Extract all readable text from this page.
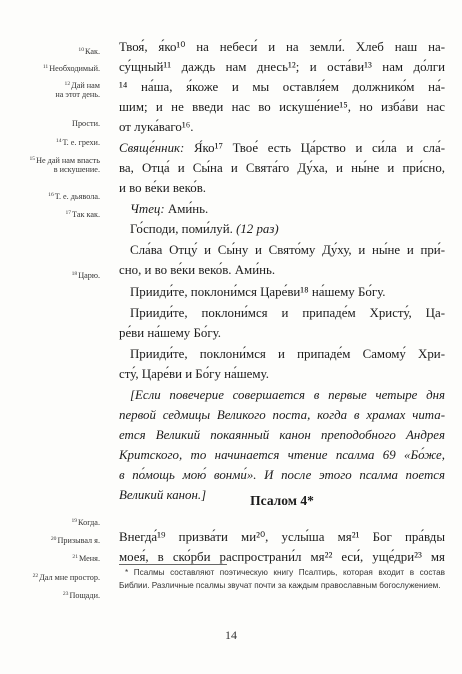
$^{10}$Как.
$^{11}$Необходимый.
$^{12}$Дай нам
на этот день.
Прости.
$^{14}$Т. е. грехи.
$^{15}$Не дай нам впасть
в искушение.
$^{16}$Т. е. дьявола.
$^{17}$Так как.
$^{18}$Царю.
$^{19}$Когда.
$^{20}$Призывал я.
$^{21}$Меня.
$^{22}$Дал мне простор.
$^{23}$Пощади.
Твоя́, я́ко¹⁰ на небеси́ и на земли́. Хлеб наш на-
су́щный¹¹ даждь нам днесь¹²; и оста́ви¹³ нам до́лги
¹⁴ на́ша, я́коже и мы оставля́ем должнико́м на́-
шим; и не введи нас во искуше́ние¹⁵, но изба́ви нас
от лука́ваго¹⁶.
Свяще́нник: Я́ко¹⁷ Твое́ есть Ца́рство и си́ла и сла́-
ва, Отца́ и Сы́на и Свята́го Ду́ха, и ны́не и при́сно,
и во ве́ки веко́в.
Чтец: Ами́нь.
Го́споди, поми́луй. (12 раз)
Сла́ва Отцу́ и Сы́ну и Свято́му Ду́ху, и ны́не и при́-
сно, и во ве́ки веко́в. Ами́нь.
Прииди́те, поклони́мся Царе́ви¹⁸ на́шему Бо́гу.
Прииди́те, поклони́мся и припаде́м Христу́, Ца-
ре́ви на́шему Бо́гу.
Прииди́те, поклони́мся и припаде́м Самому́ Хри-
сту́, Царе́ви и Бо́гу на́шему.
[Если повечерие совершается в первые четыре дня
первой седмицы Великого поста, когда в храмах чита-
ется Великий покаянный канон преподобного Андрея
Критского, то начинается чтение псалма 69 «Бо́же,
в по́мощь мою́ вонми́». И после этого псалма поется
Великий канон.]	Псалом 4*
Внегда́¹⁹ призва́ти ми²⁰, услы́ша мя²¹ Бог пра́вды
моея́, в ско́рби распространи́л мя²² еси́, уще́дри²³ мя

* Псалмы составляют поэтическую книгу Псалтирь, которая входит в состав Библии. Различные псалмы звучат почти за каждым православным богослужением.

14
